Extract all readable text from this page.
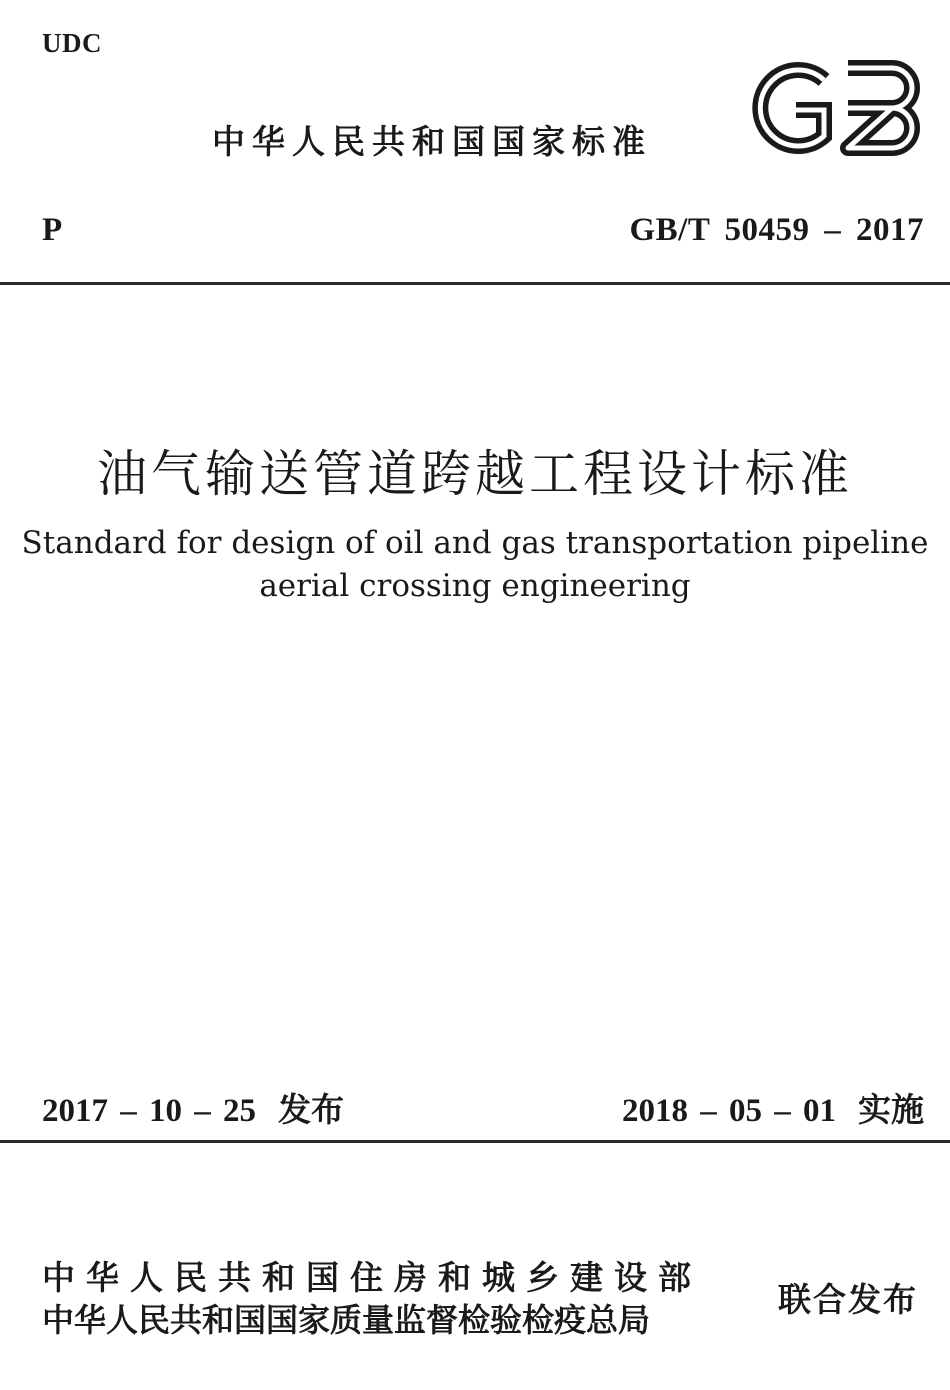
UDC
中华人民共和国国家标准
P	GB/T 50459 – 2017
油气输送管道跨越工程设计标准
Standard for design of oil and gas transportation pipeline
aerial crossing engineering
2017 – 10 – 25 发布	2018 – 05 – 01 实施
中华人民共和国住房和城乡建设部
中华人民共和国国家质量监督检验检疫总局
联合发布
